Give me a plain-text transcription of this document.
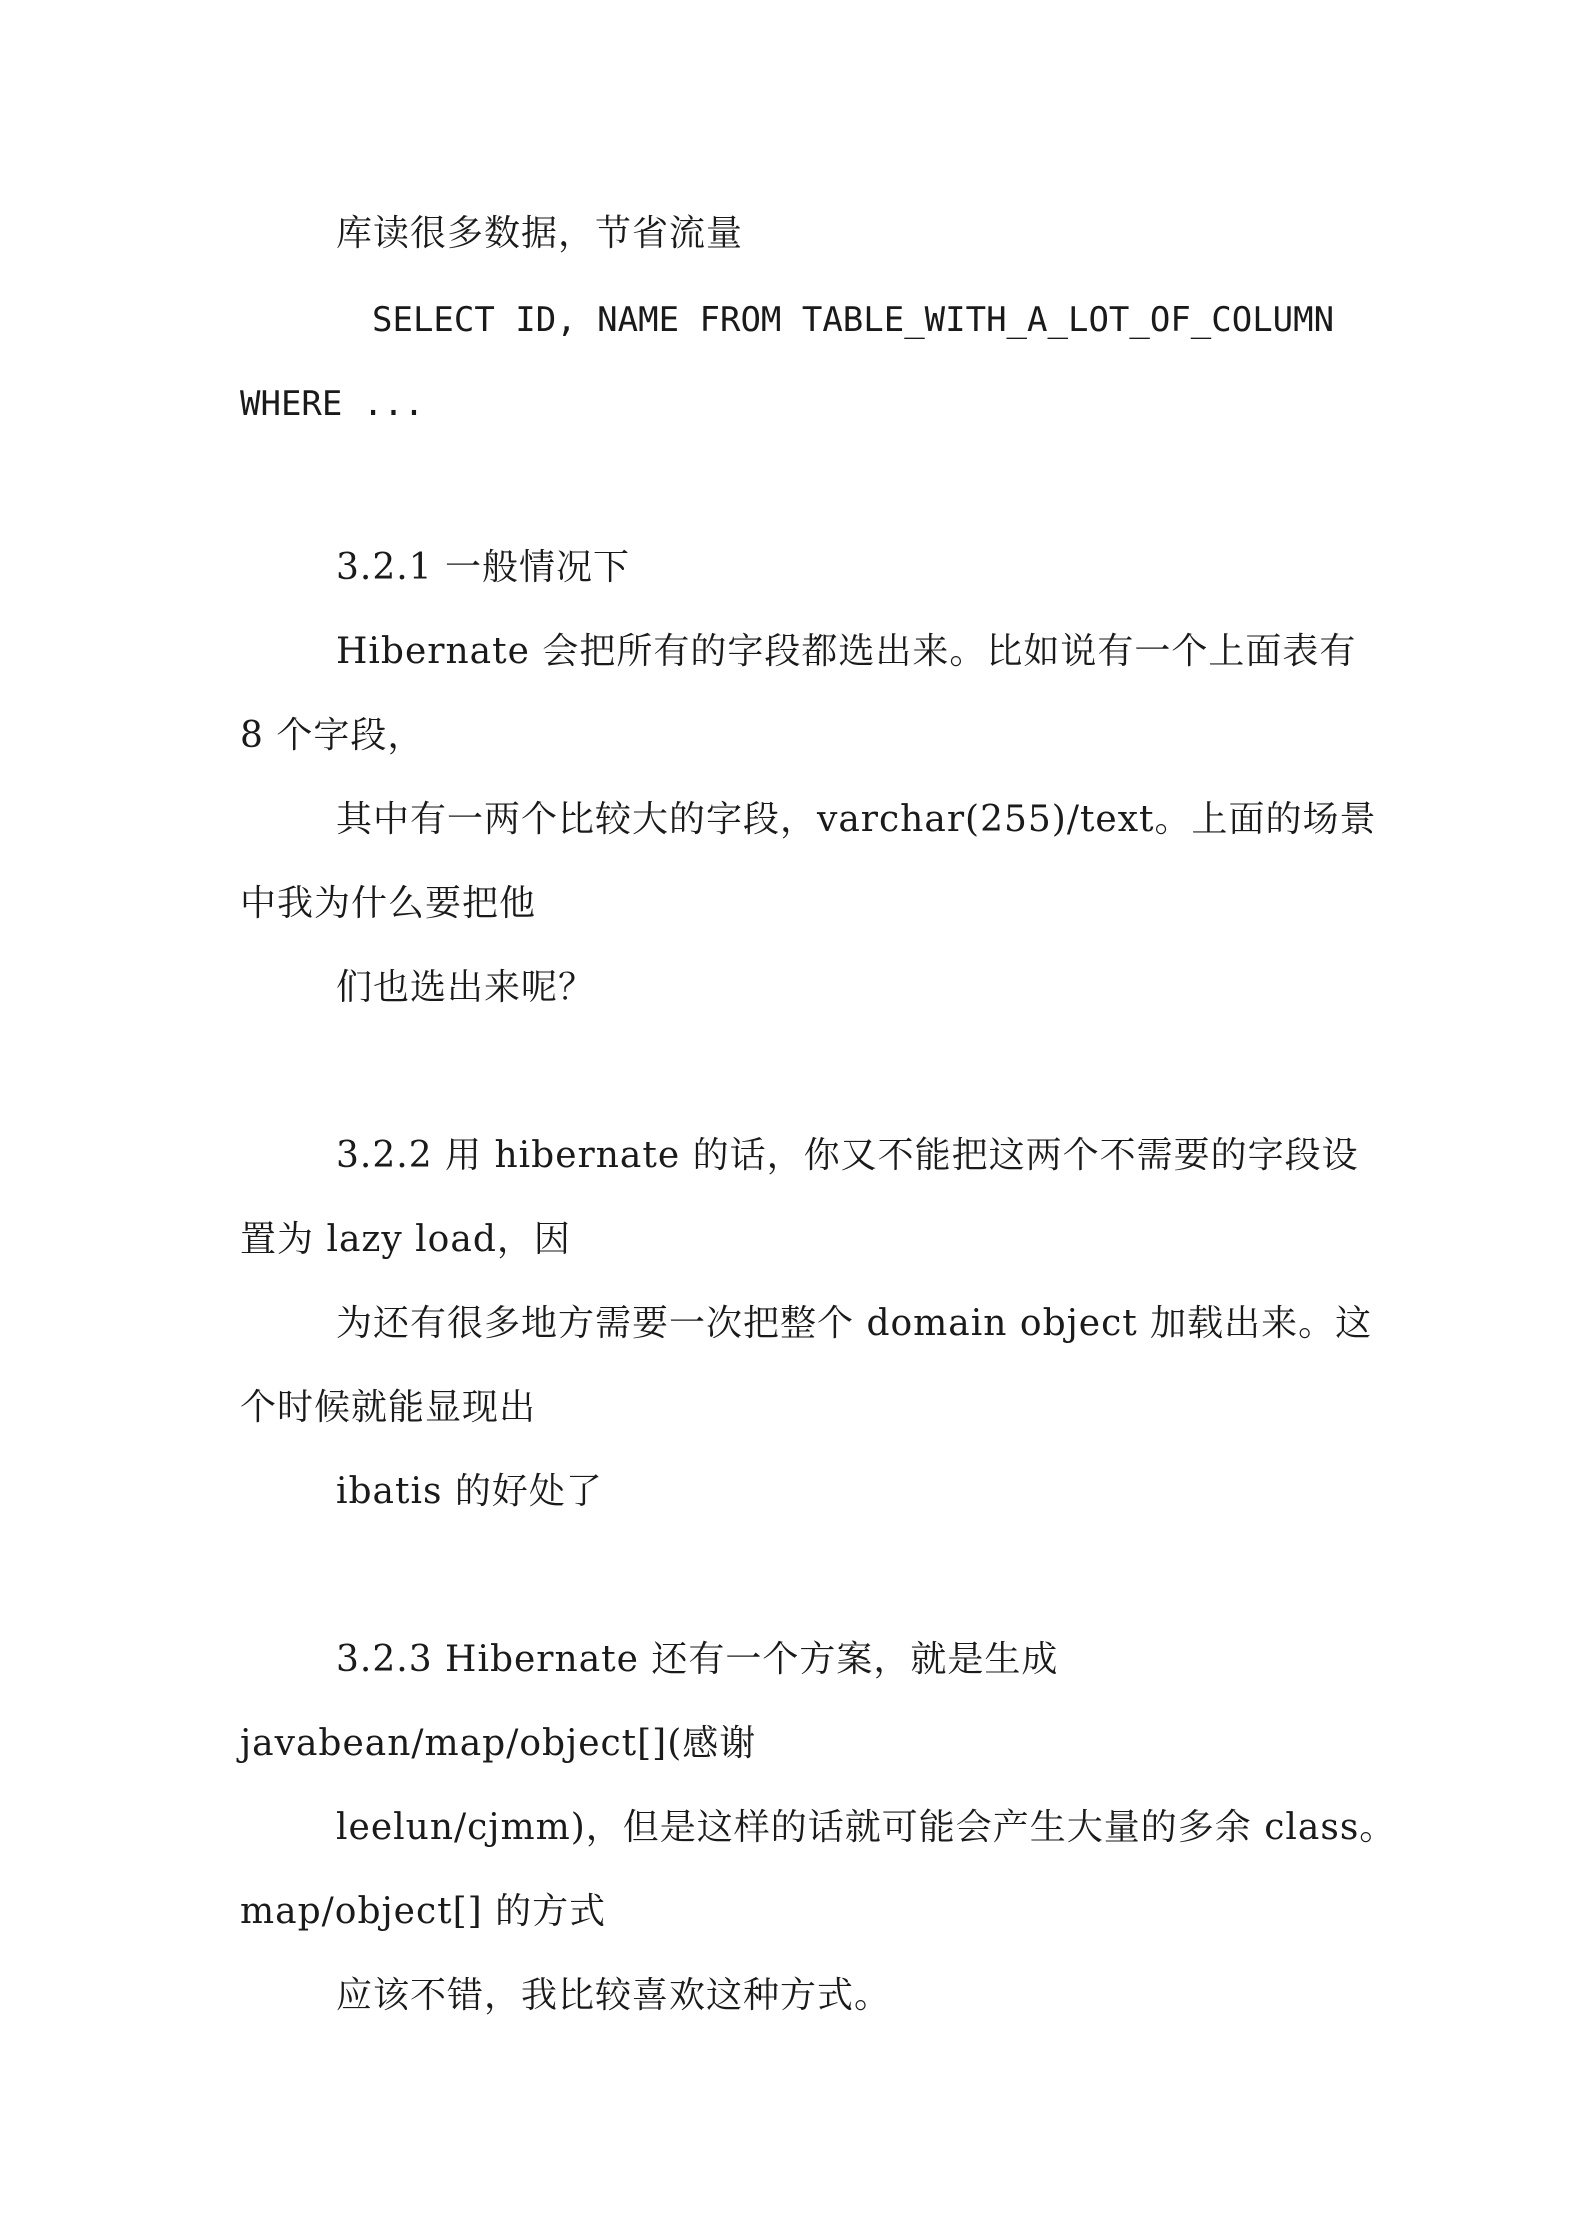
库读很多数据，节省流量
SELECT ID, NAME FROM TABLE_WITH_A_LOT_OF_COLUMN
WHERE ...
3.2.1 一般情况下
Hibernate 会把所有的字段都选出来。比如说有一个上面表有
8 个字段，
其中有一两个比较大的字段，varchar(255)/text。上面的场景
中我为什么要把他
们也选出来呢？
3.2.2 用 hibernate 的话，你又不能把这两个不需要的字段设
置为 lazy load，因
为还有很多地方需要一次把整个 domain object 加载出来。这
个时候就能显现出
ibatis 的好处了
3.2.3 Hibernate 还有一个方案，就是生成
javabean/map/object[](感谢
leelun/cjmm)，但是这样的话就可能会产生大量的多余 class。
map/object[] 的方式
应该不错，我比较喜欢这种方式。
